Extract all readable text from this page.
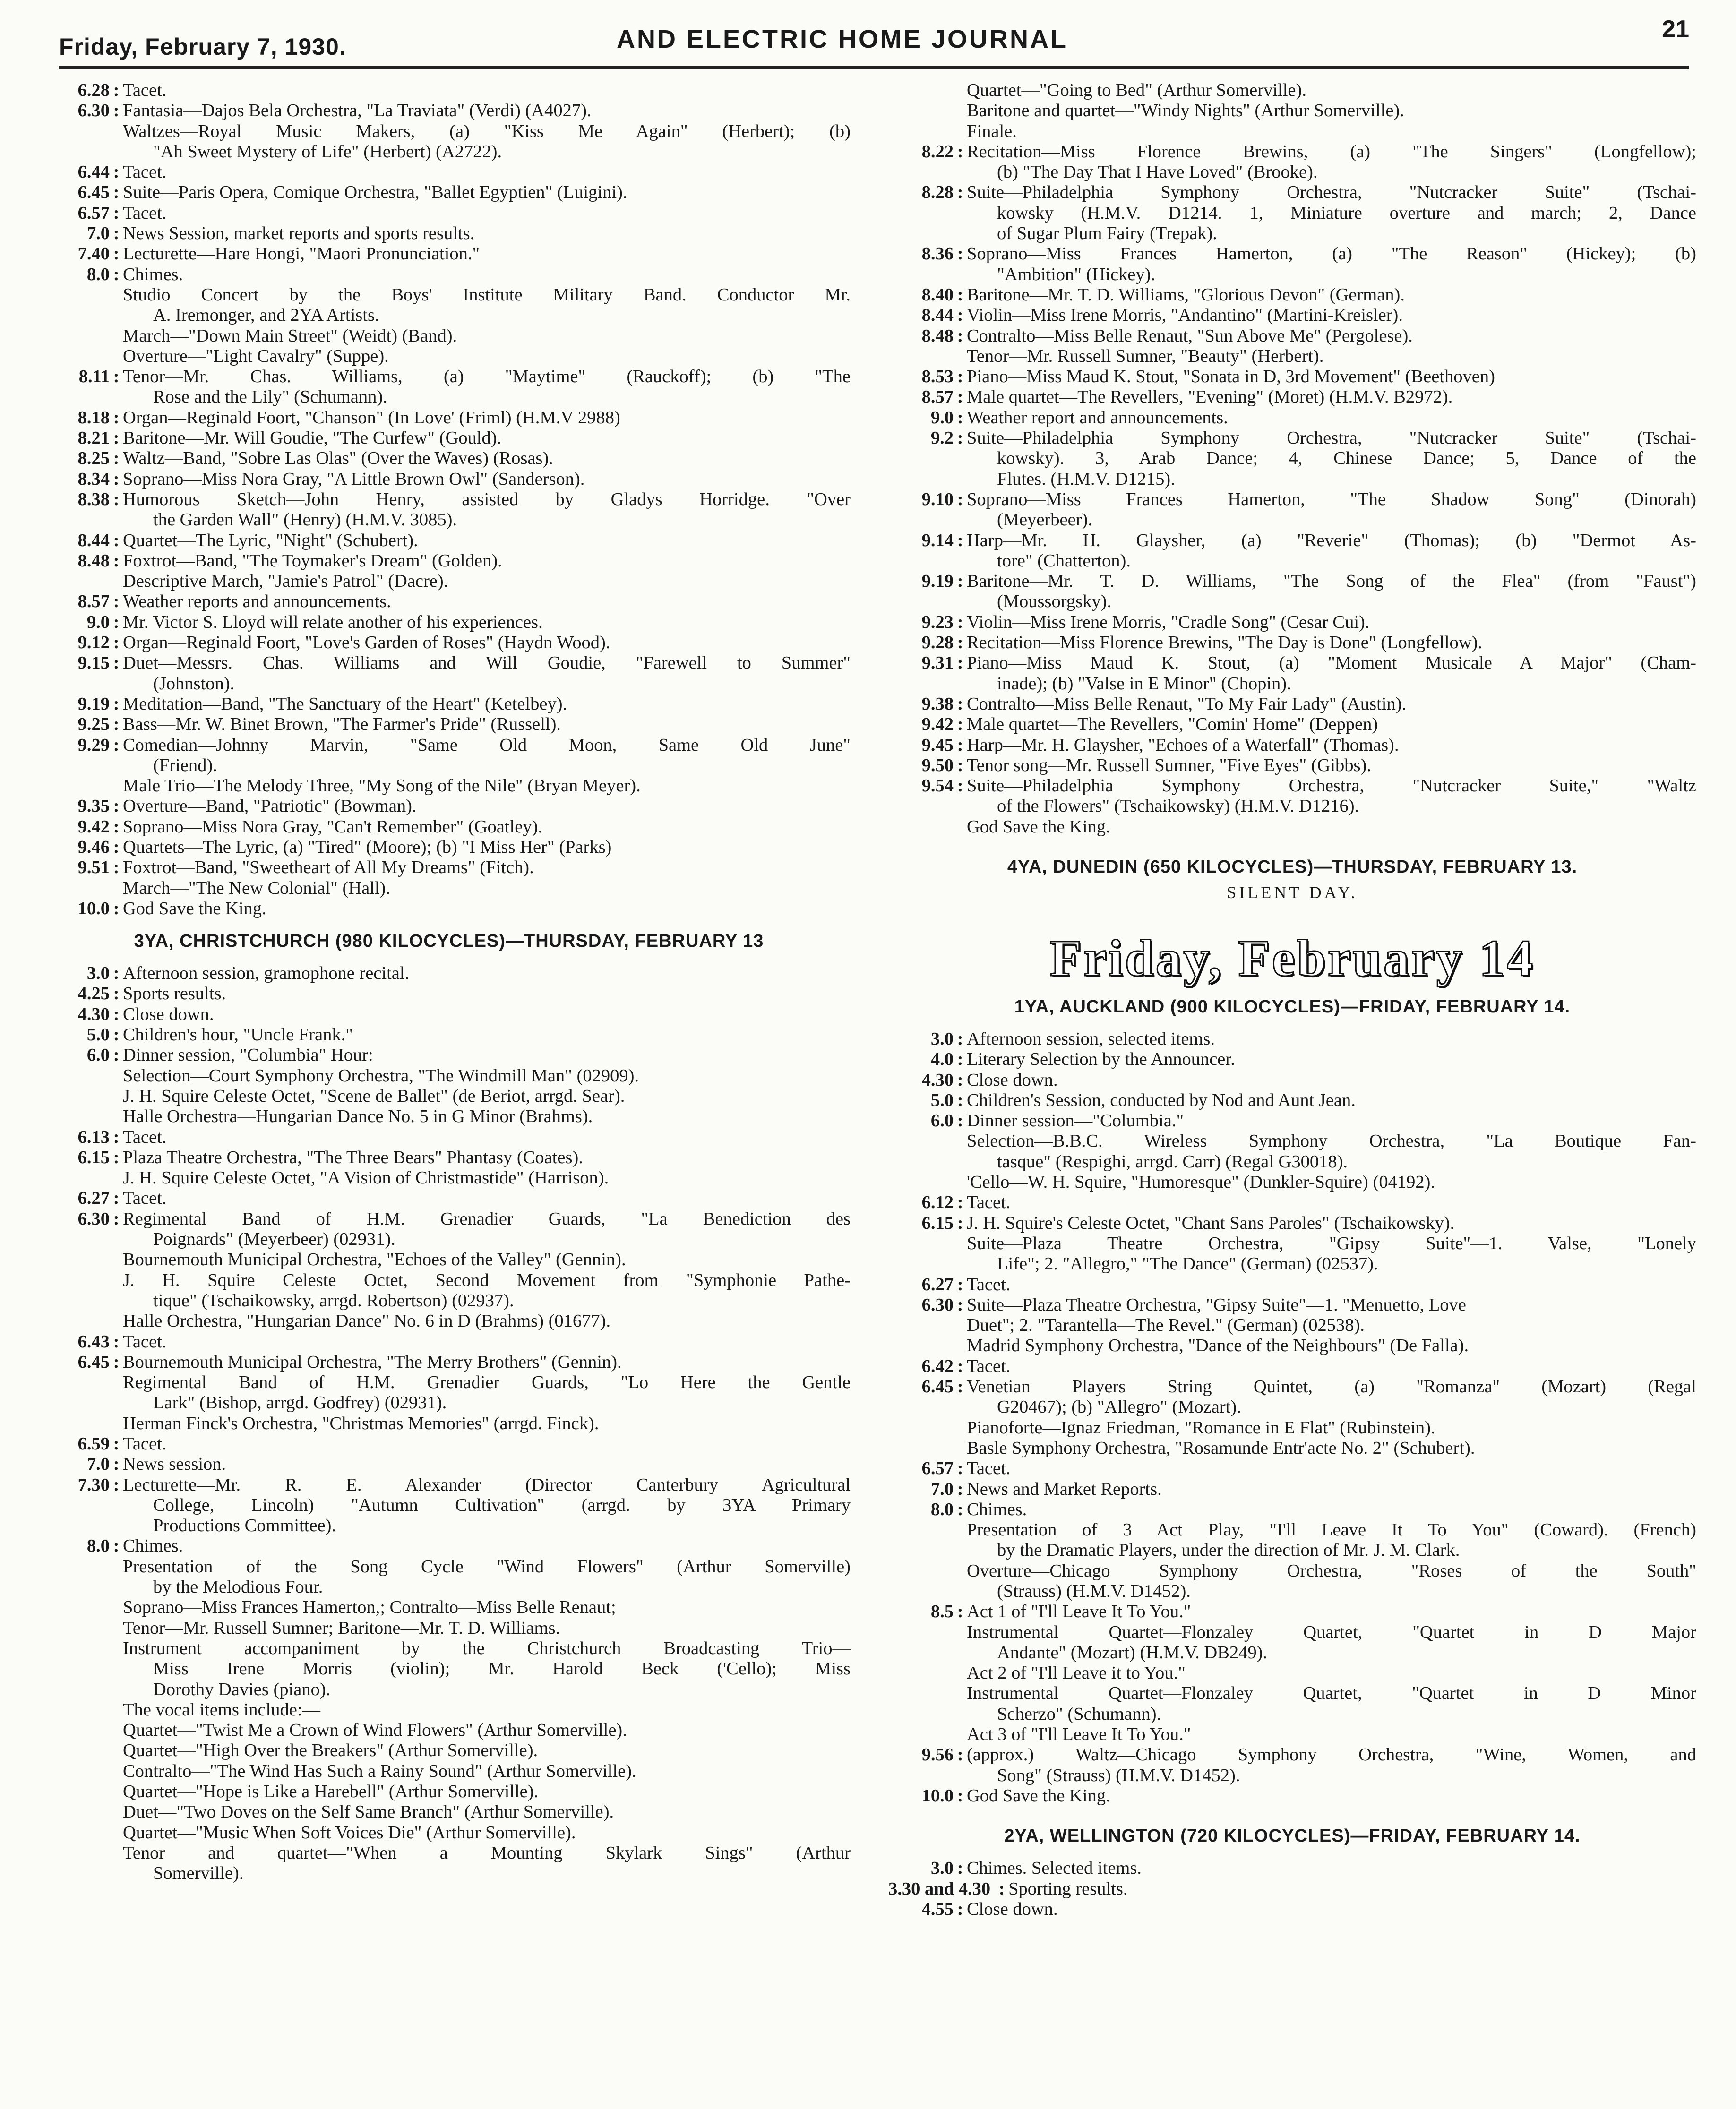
Friday, February 7, 1930.	AND ELECTRIC HOME JOURNAL	21
6.28 : Tacet.
6.30 : Fantasia—Dajos Bela Orchestra, "La Traviata" (Verdi) (A4027).
Waltzes—Royal Music Makers, (a) "Kiss Me Again" (Herbert); (b)
"Ah Sweet Mystery of Life" (Herbert) (A2722).
6.44 : Tacet.
6.45 : Suite—Paris Opera, Comique Orchestra, "Ballet Egyptien" (Luigini).
6.57 : Tacet.
7.0 : News Session, market reports and sports results.
7.40 : Lecturette—Hare Hongi, "Maori Pronunciation."
8.0 : Chimes.
Studio Concert by the Boys' Institute Military Band. Conductor Mr.
A. Iremonger, and 2YA Artists.
March—"Down Main Street" (Weidt) (Band).
Overture—"Light Cavalry" (Suppe).
8.11 : Tenor—Mr. Chas. Williams, (a) "Maytime" (Rauckoff); (b) "The
Rose and the Lily" (Schumann).
8.18 : Organ—Reginald Foort, "Chanson" (In Love' (Friml) (H.M.V 2988)
8.21 : Baritone—Mr. Will Goudie, "The Curfew" (Gould).
8.25 : Waltz—Band, "Sobre Las Olas" (Over the Waves) (Rosas).
8.34 : Soprano—Miss Nora Gray, "A Little Brown Owl" (Sanderson).
8.38 : Humorous Sketch—John Henry, assisted by Gladys Horridge. "Over
the Garden Wall" (Henry) (H.M.V. 3085).
8.44 : Quartet—The Lyric, "Night" (Schubert).
8.48 : Foxtrot—Band, "The Toymaker's Dream" (Golden).
Descriptive March, "Jamie's Patrol" (Dacre).
8.57 : Weather reports and announcements.
9.0 : Mr. Victor S. Lloyd will relate another of his experiences.
9.12 : Organ—Reginald Foort, "Love's Garden of Roses" (Haydn Wood).
9.15 : Duet—Messrs. Chas. Williams and Will Goudie, "Farewell to Summer"
(Johnston).
9.19 : Meditation—Band, "The Sanctuary of the Heart" (Ketelbey).
9.25 : Bass—Mr. W. Binet Brown, "The Farmer's Pride" (Russell).
9.29 : Comedian—Johnny Marvin, "Same Old Moon, Same Old June"
(Friend).
Male Trio—The Melody Three, "My Song of the Nile" (Bryan Meyer).
9.35 : Overture—Band, "Patriotic" (Bowman).
9.42 : Soprano—Miss Nora Gray, "Can't Remember" (Goatley).
9.46 : Quartets—The Lyric, (a) "Tired" (Moore); (b) "I Miss Her" (Parks)
9.51 : Foxtrot—Band, "Sweetheart of All My Dreams" (Fitch).
March—"The New Colonial" (Hall).
10.0 : God Save the King.
3YA, CHRISTCHURCH (980 KILOCYCLES)—THURSDAY, FEBRUARY 13
3.0 : Afternoon session, gramophone recital.
4.25 : Sports results.
4.30 : Close down.
5.0 : Children's hour, "Uncle Frank."
6.0 : Dinner session, "Columbia" Hour:
Selection—Court Symphony Orchestra, "The Windmill Man" (02909).
J. H. Squire Celeste Octet, "Scene de Ballet" (de Beriot, arrgd. Sear).
Halle Orchestra—Hungarian Dance No. 5 in G Minor (Brahms).
6.13 : Tacet.
6.15 : Plaza Theatre Orchestra, "The Three Bears" Phantasy (Coates).
J. H. Squire Celeste Octet, "A Vision of Christmastide" (Harrison).
6.27 : Tacet.
6.30 : Regimental Band of H.M. Grenadier Guards, "La Benediction des
Poignards" (Meyerbeer) (02931).
Bournemouth Municipal Orchestra, "Echoes of the Valley" (Gennin).
J. H. Squire Celeste Octet, Second Movement from "Symphonie Pathe-
tique" (Tschaikowsky, arrgd. Robertson) (02937).
Halle Orchestra, "Hungarian Dance" No. 6 in D (Brahms) (01677).
6.43 : Tacet.
6.45 : Bournemouth Municipal Orchestra, "The Merry Brothers" (Gennin).
Regimental Band of H.M. Grenadier Guards, "Lo Here the Gentle
Lark" (Bishop, arrgd. Godfrey) (02931).
Herman Finck's Orchestra, "Christmas Memories" (arrgd. Finck).
6.59 : Tacet.
7.0 : News session.
7.30 : Lecturette—Mr. R. E. Alexander (Director Canterbury Agricultural
College, Lincoln) "Autumn Cultivation" (arrgd. by 3YA Primary
Productions Committee).
8.0 : Chimes.
Presentation of the Song Cycle "Wind Flowers" (Arthur Somerville)
by the Melodious Four.
Soprano—Miss Frances Hamerton,; Contralto—Miss Belle Renaut;
Tenor—Mr. Russell Sumner; Baritone—Mr. T. D. Williams.
Instrument accompaniment by the Christchurch Broadcasting Trio—
Miss Irene Morris (violin); Mr. Harold Beck ('Cello); Miss
Dorothy Davies (piano).
The vocal items include:—
Quartet—"Twist Me a Crown of Wind Flowers" (Arthur Somerville).
Quartet—"High Over the Breakers" (Arthur Somerville).
Contralto—"The Wind Has Such a Rainy Sound" (Arthur Somerville).
Quartet—"Hope is Like a Harebell" (Arthur Somerville).
Duet—"Two Doves on the Self Same Branch" (Arthur Somerville).
Quartet—"Music When Soft Voices Die" (Arthur Somerville).
Tenor and quartet—"When a Mounting Skylark Sings" (Arthur
Somerville).
Quartet—"Going to Bed" (Arthur Somerville).
Baritone and quartet—"Windy Nights" (Arthur Somerville).
Finale.
8.22 : Recitation—Miss Florence Brewins, (a) "The Singers" (Longfellow);
(b) "The Day That I Have Loved" (Brooke).
8.28 : Suite—Philadelphia Symphony Orchestra, "Nutcracker Suite" (Tschai-
kowsky (H.M.V. D1214. 1, Miniature overture and march; 2, Dance
of Sugar Plum Fairy (Trepak).
8.36 : Soprano—Miss Frances Hamerton, (a) "The Reason" (Hickey); (b)
"Ambition" (Hickey).
8.40 : Baritone—Mr. T. D. Williams, "Glorious Devon" (German).
8.44 : Violin—Miss Irene Morris, "Andantino" (Martini-Kreisler).
8.48 : Contralto—Miss Belle Renaut, "Sun Above Me" (Pergolese).
Tenor—Mr. Russell Sumner, "Beauty" (Herbert).
8.53 : Piano—Miss Maud K. Stout, "Sonata in D, 3rd Movement" (Beethoven)
8.57 : Male quartet—The Revellers, "Evening" (Moret) (H.M.V. B2972).
9.0 : Weather report and announcements.
9.2 : Suite—Philadelphia Symphony Orchestra, "Nutcracker Suite" (Tschai-
kowsky). 3, Arab Dance; 4, Chinese Dance; 5, Dance of the
Flutes. (H.M.V. D1215).
9.10 : Soprano—Miss Frances Hamerton, "The Shadow Song" (Dinorah)
(Meyerbeer).
9.14 : Harp—Mr. H. Glaysher, (a) "Reverie" (Thomas); (b) "Dermot As-
tore" (Chatterton).
9.19 : Baritone—Mr. T. D. Williams, "The Song of the Flea" (from "Faust")
(Moussorgsky).
9.23 : Violin—Miss Irene Morris, "Cradle Song" (Cesar Cui).
9.28 : Recitation—Miss Florence Brewins, "The Day is Done" (Longfellow).
9.31 : Piano—Miss Maud K. Stout, (a) "Moment Musicale A Major" (Cham-
inade); (b) "Valse in E Minor" (Chopin).
9.38 : Contralto—Miss Belle Renaut, "To My Fair Lady" (Austin).
9.42 : Male quartet—The Revellers, "Comin' Home" (Deppen)
9.45 : Harp—Mr. H. Glaysher, "Echoes of a Waterfall" (Thomas).
9.50 : Tenor song—Mr. Russell Sumner, "Five Eyes" (Gibbs).
9.54 : Suite—Philadelphia Symphony Orchestra, "Nutcracker Suite," "Waltz
of the Flowers" (Tschaikowsky) (H.M.V. D1216).
God Save the King.
4YA, DUNEDIN (650 KILOCYCLES)—THURSDAY, FEBRUARY 13.
SILENT DAY.
Friday, February 14
1YA, AUCKLAND (900 KILOCYCLES)—FRIDAY, FEBRUARY 14.
3.0 : Afternoon session, selected items.
4.0 : Literary Selection by the Announcer.
4.30 : Close down.
5.0 : Children's Session, conducted by Nod and Aunt Jean.
6.0 : Dinner session—"Columbia."
Selection—B.B.C. Wireless Symphony Orchestra, "La Boutique Fan-
tasque" (Respighi, arrgd. Carr) (Regal G30018).
'Cello—W. H. Squire, "Humoresque" (Dunkler-Squire) (04192).
6.12 : Tacet.
6.15 : J. H. Squire's Celeste Octet, "Chant Sans Paroles" (Tschaikowsky).
Suite—Plaza Theatre Orchestra, "Gipsy Suite"—1. Valse, "Lonely
Life"; 2. "Allegro," "The Dance" (German) (02537).
6.27 : Tacet.
6.30 : Suite—Plaza Theatre Orchestra, "Gipsy Suite"—1. "Menuetto, Love
Duet"; 2. "Tarantella—The Revel." (German) (02538).
Madrid Symphony Orchestra, "Dance of the Neighbours" (De Falla).
6.42 : Tacet.
6.45 : Venetian Players String Quintet, (a) "Romanza" (Mozart) (Regal
G20467); (b) "Allegro" (Mozart).
Pianoforte—Ignaz Friedman, "Romance in E Flat" (Rubinstein).
Basle Symphony Orchestra, "Rosamunde Entr'acte No. 2" (Schubert).
6.57 : Tacet.
7.0 : News and Market Reports.
8.0 : Chimes.
Presentation of 3 Act Play, "I'll Leave It To You" (Coward). (French)
by the Dramatic Players, under the direction of Mr. J. M. Clark.
Overture—Chicago Symphony Orchestra, "Roses of the South"
(Strauss) (H.M.V. D1452).
8.5 : Act 1 of "I'll Leave It To You."
Instrumental Quartet—Flonzaley Quartet, "Quartet in D Major
Andante" (Mozart) (H.M.V. DB249).
Act 2 of "I'll Leave it to You."
Instrumental Quartet—Flonzaley Quartet, "Quartet in D Minor
Scherzo" (Schumann).
Act 3 of "I'll Leave It To You."
9.56 : (approx.) Waltz—Chicago Symphony Orchestra, "Wine, Women, and
Song" (Strauss) (H.M.V. D1452).
10.0 : God Save the King.
2YA, WELLINGTON (720 KILOCYCLES)—FRIDAY, FEBRUARY 14.
3.0 : Chimes. Selected items.
3.30 and 4.30 : Sporting results.
4.55 : Close down.
